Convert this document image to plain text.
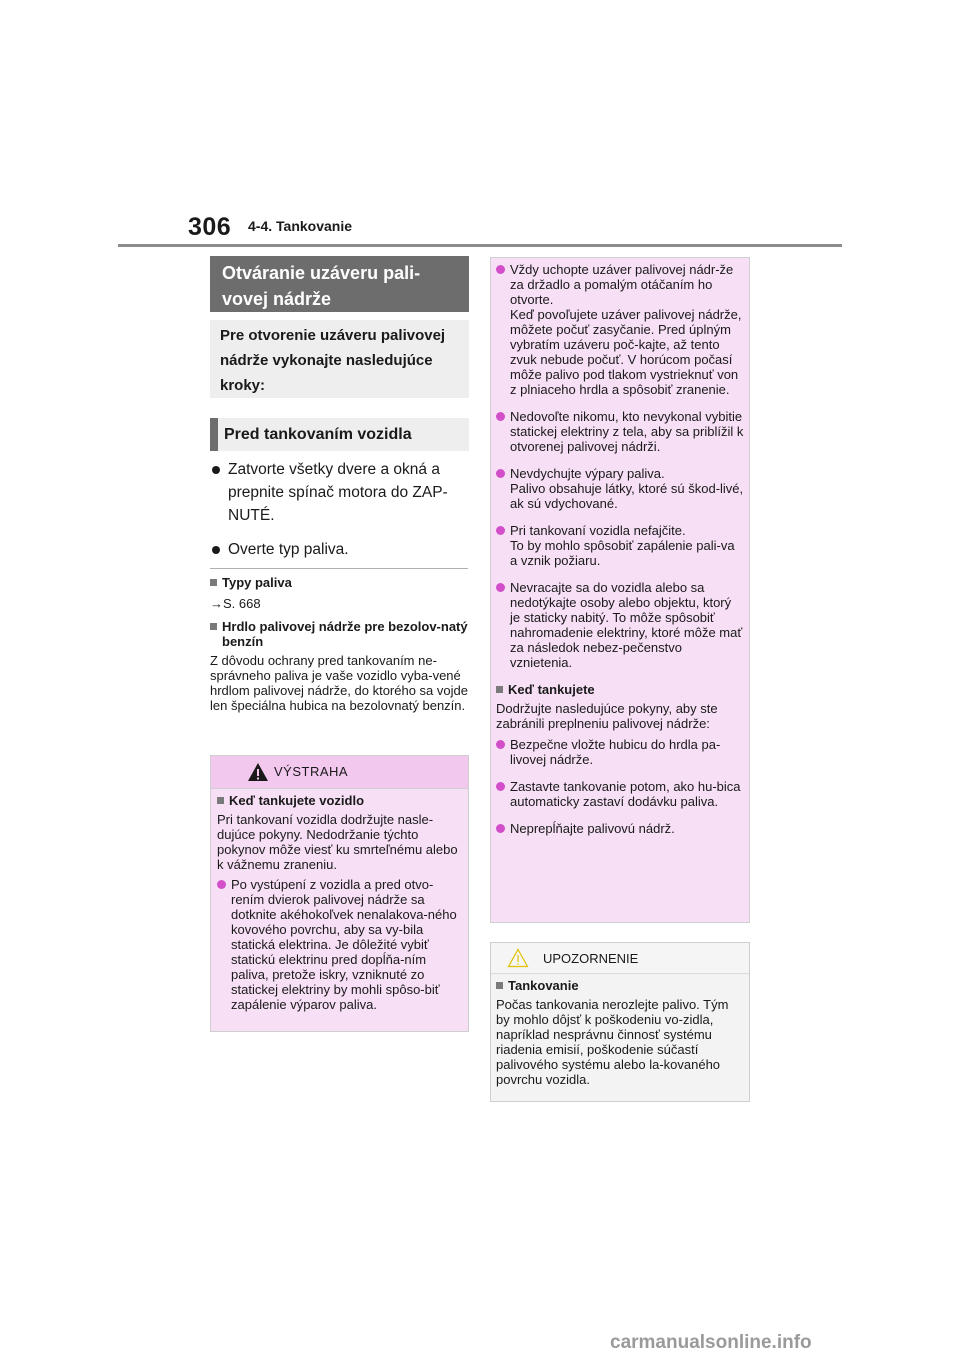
306 4-4. Tankovanie
Otváranie uzáveru pali-
vovej nádrže
Pre otvorenie uzáveru palivovej nádrže vykonajte nasledujúce kroky:
Pred tankovaním vozidla
Zatvorte všetky dvere a okná a prepnite spínač motora do ZAP-NUTÉ.
Overte typ paliva.
Typy paliva
→S. 668
Hrdlo palivovej nádrže pre bezolov-natý benzín
Z dôvodu ochrany pred tankovaním ne-správneho paliva je vaše vozidlo vyba-vené hrdlom palivovej nádrže, do ktorého sa vojde len špeciálna hubica na bezolovnatý benzín.
VÝSTRAHA
Keď tankujete vozidlo
Pri tankovaní vozidla dodržujte nasle-dujúce pokyny. Nedodržanie týchto pokynov môže viesť ku smrteľnému alebo k vážnemu zraneniu.
Po vystúpení z vozidla a pred otvo-rením dvierok palivovej nádrže sa dotknite akéhokoľvek nenalakova-ného kovového povrchu, aby sa vy-bila statická elektrina. Je dôležité vybiť statickú elektrinu pred dopĺňa-ním paliva, pretože iskry, vzniknuté zo statickej elektriny by mohli spôso-biť zapálenie výparov paliva.
Vždy uchopte uzáver palivovej nádr-že za držadlo a pomalým otáčaním ho otvorte.
Keď povoľujete uzáver palivovej nádrže, môžete počuť zasyčanie. Pred úplným vybratím uzáveru poč-kajte, až tento zvuk nebude počuť. V horúcom počasí môže palivo pod tlakom vystrieknuť von z plniaceho hrdla a spôsobiť zranenie.
Nedovoľte nikomu, kto nevykonal vybitie statickej elektriny z tela, aby sa priblížil k otvorenej palivovej nádrži.
Nevdychujte výpary paliva.
Palivo obsahuje látky, ktoré sú škod-livé, ak sú vdychované.
Pri tankovaní vozidla nefajčite.
To by mohlo spôsobiť zapálenie pali-va a vznik požiaru.
Nevracajte sa do vozidla alebo sa nedotýkajte osoby alebo objektu, ktorý je staticky nabitý. To môže spôsobiť nahromadenie elektriny, ktoré môže mať za následok nebez-pečenstvo vznietenia.
Keď tankujete
Dodržujte nasledujúce pokyny, aby ste zabránili preplneniu palivovej nádrže:
Bezpečne vložte hubicu do hrdla pa-livovej nádrže.
Zastavte tankovanie potom, ako hu-bica automaticky zastaví dodávku paliva.
Neprepĺňajte palivovú nádrž.
UPOZORNENIE
Tankovanie
Počas tankovania nerozlejte palivo. Tým by mohlo dôjsť k poškodeniu vo-zidla, napríklad nesprávnu činnosť systému riadenia emisií, poškodenie súčastí palivového systému alebo la-kovaného povrchu vozidla.
carmanualsonline.info
